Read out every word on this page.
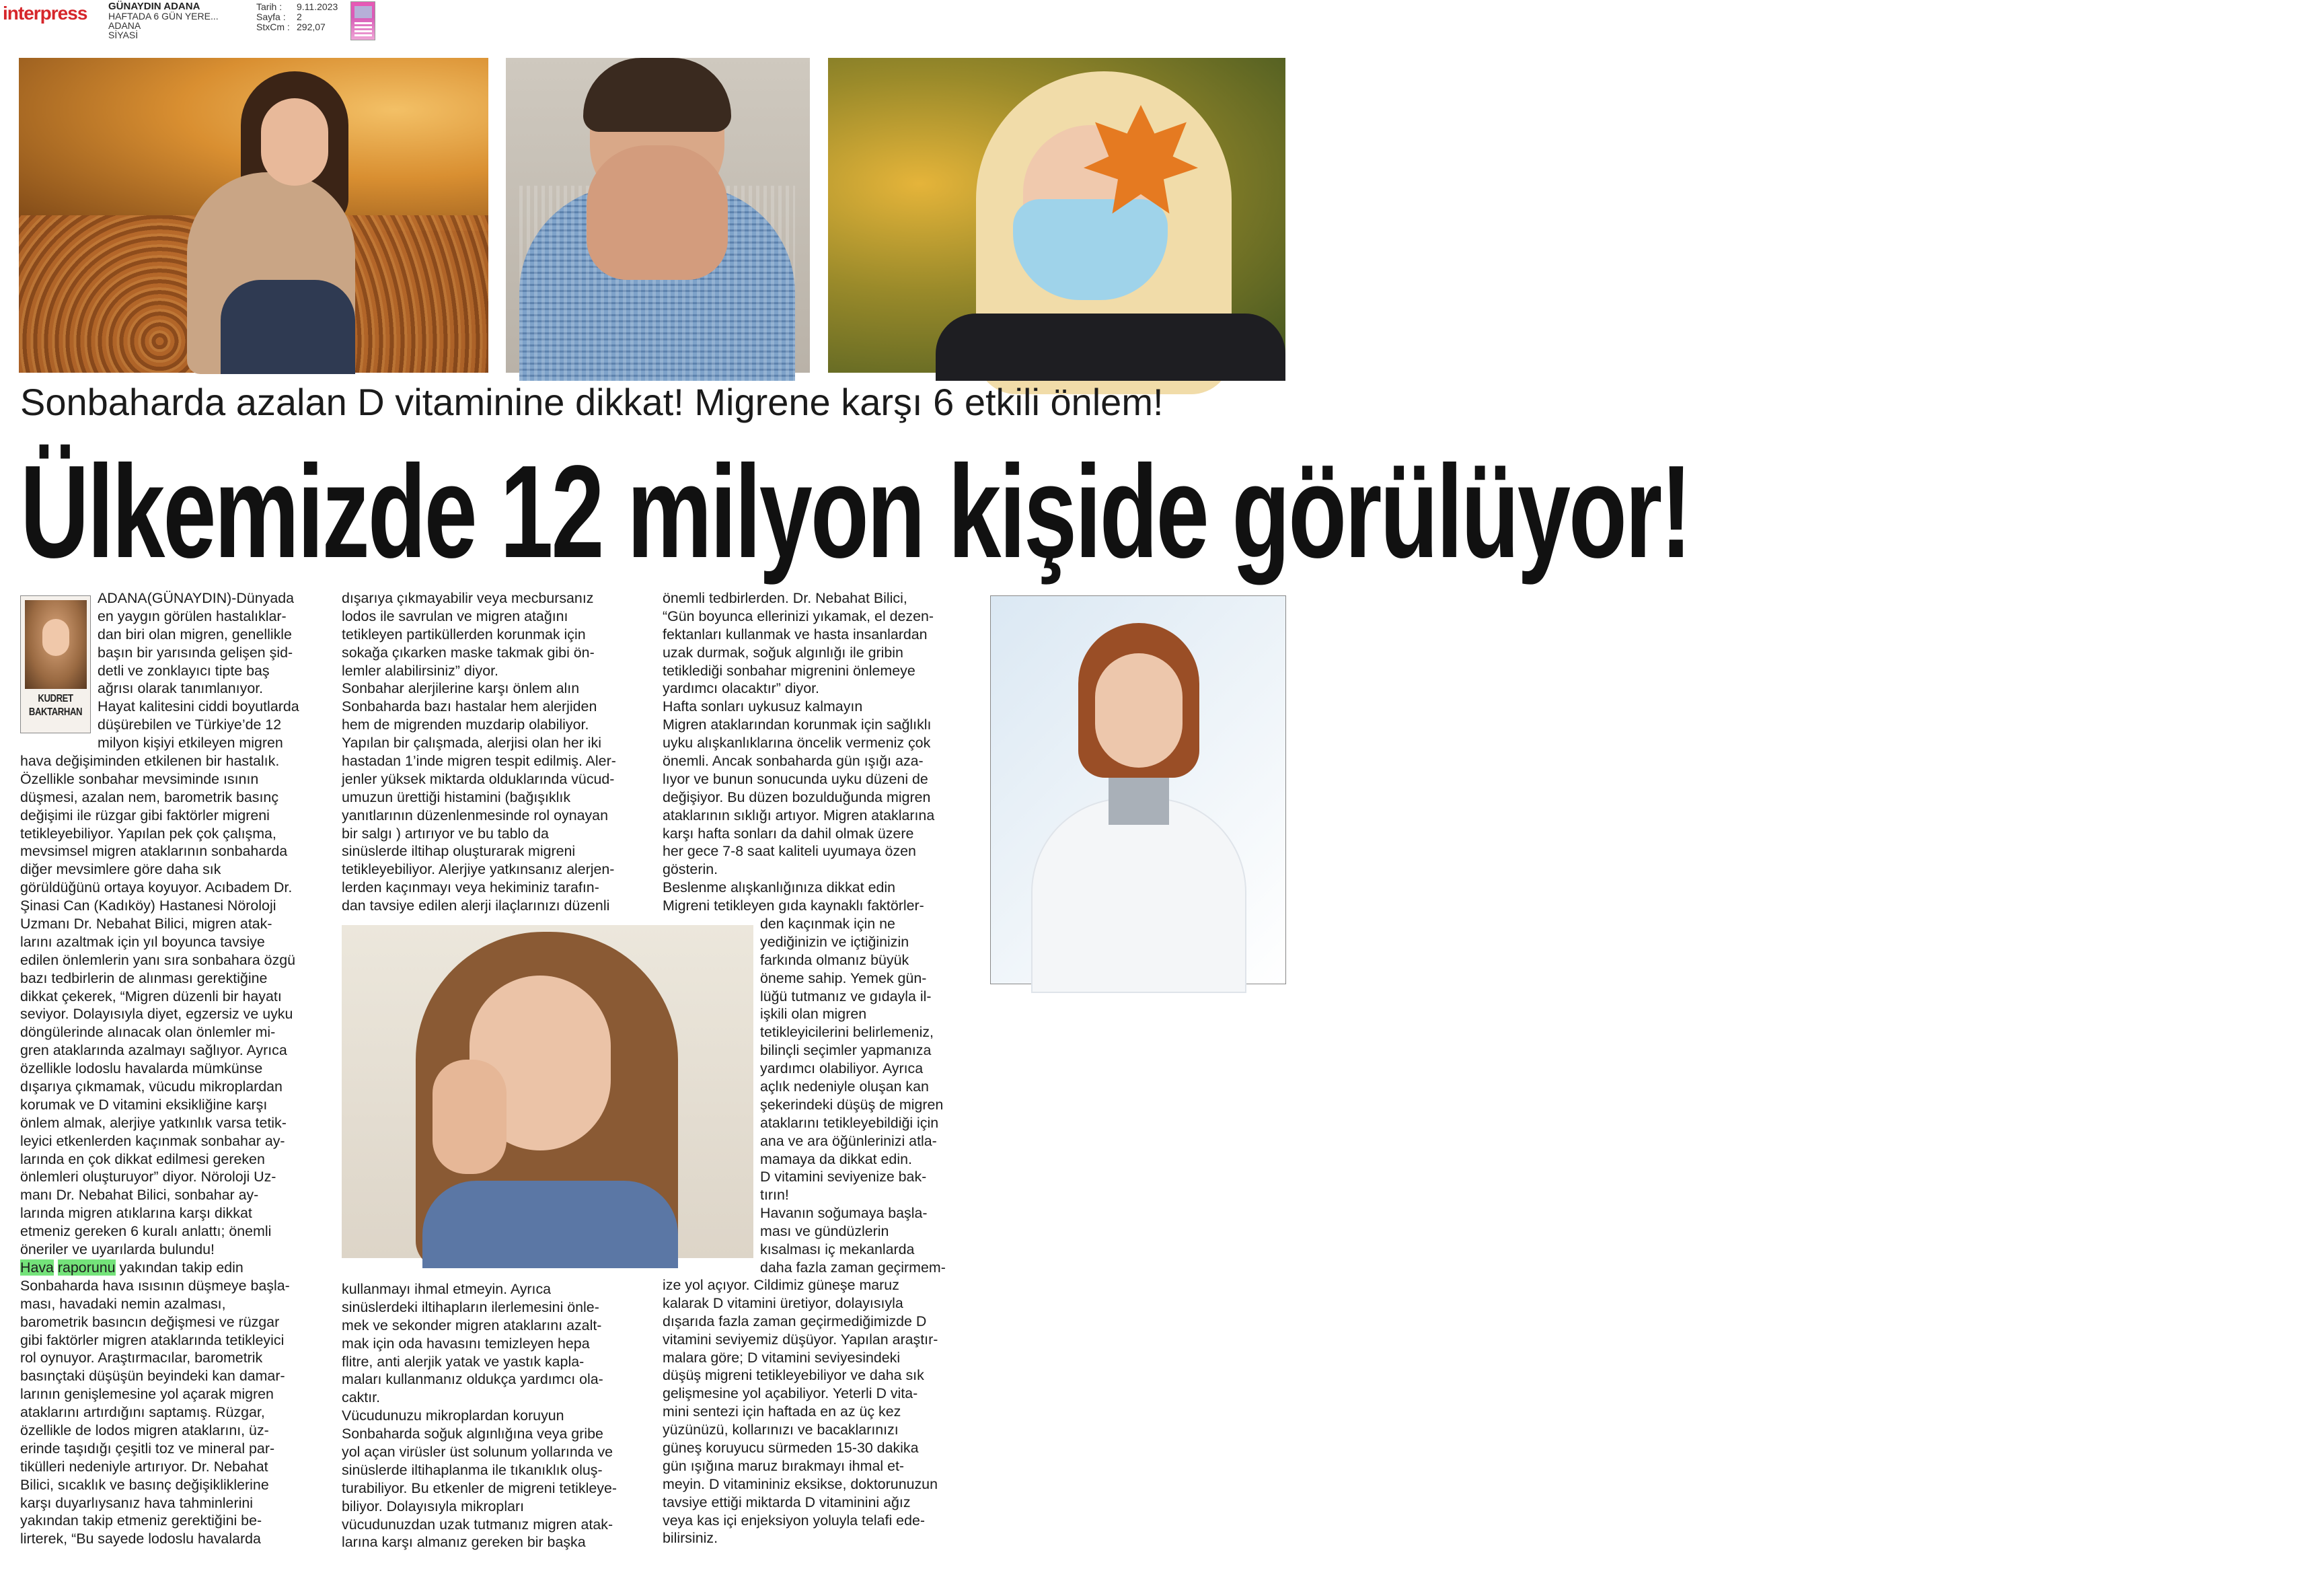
interpress GÜNAYDIN ADANA
HAFTADA 6 GÜN YERE...
ADANA
SİYASİ
Tarih :	9.11.2023
Sayfa :	2
StxCm : 292,07
Sonbaharda azalan D vitaminine dikkat! Migrene karşı 6 etkili önlem!
Ülkemizde 12 milyon kişide görülüyor!
KUDRET
BAKTARHAN

ADANA(GÜNAYDIN)-Dünyada

en yaygın görülen hastalıklar-

dan biri olan migren, genellikle

başın bir yarısında gelişen şid-

detli ve zonklayıcı tipte baş

ağrısı olarak tanımlanıyor.

Hayat kalitesini ciddi boyutlarda

düşürebilen ve Türkiye’de 12

milyon kişiyi etkileyen migren

hava değişiminden etkilenen bir hastalık.

Özellikle sonbahar mevsiminde ısının

düşmesi, azalan nem, barometrik basınç

değişimi ile rüzgar gibi faktörler migreni

tetikleyebiliyor. Yapılan pek çok çalışma,

mevsimsel migren ataklarının sonbaharda

diğer mevsimlere göre daha sık

görüldüğünü ortaya koyuyor. Acıbadem Dr.

Şinasi Can (Kadıköy) Hastanesi Nöroloji

Uzmanı Dr. Nebahat Bilici, migren atak-

larını azaltmak için yıl boyunca tavsiye

edilen önlemlerin yanı sıra sonbahara özgü

bazı tedbirlerin de alınması gerektiğine

dikkat çekerek, “Migren düzenli bir hayatı

seviyor. Dolayısıyla diyet, egzersiz ve uyku

döngülerinde alınacak olan önlemler mi-

gren ataklarında azalmayı sağlıyor. Ayrıca

özellikle lodoslu havalarda mümkünse

dışarıya çıkmamak, vücudu mikroplardan

korumak ve D vitamini eksikliğine karşı

önlem almak, alerjiye yatkınlık varsa tetik-

leyici etkenlerden kaçınmak sonbahar ay-

larında en çok dikkat edilmesi gereken

önlemleri oluşturuyor” diyor. Nöroloji Uz-

manı Dr. Nebahat Bilici, sonbahar ay-

larında migren atıklarına karşı dikkat

etmeniz gereken 6 kuralı anlattı; önemli

öneriler ve uyarılarda bulundu!

Hava raporunu yakından takip edin

Sonbaharda hava ısısının düşmeye başla-

ması, havadaki nemin azalması,

barometrik basıncın değişmesi ve rüzgar

gibi faktörler migren ataklarında tetikleyici

rol oynuyor. Araştırmacılar, barometrik

basınçtaki düşüşün beyindeki kan damar-

larının genişlemesine yol açarak migren

ataklarını artırdığını saptamış. Rüzgar,

özellikle de lodos migren ataklarını, üz-

erinde taşıdığı çeşitli toz ve mineral par-

tikülleri nedeniyle artırıyor. Dr. Nebahat

Bilici, sıcaklık ve basınç değişikliklerine

karşı duyarlıysanız hava tahminlerini

yakından takip etmeniz gerektiğini be-

lirterek, “Bu sayede lodoslu havalarda

dışarıya çıkmayabilir veya mecbursanız

lodos ile savrulan ve migren atağını

tetikleyen partiküllerden korunmak için

sokağa çıkarken maske takmak gibi ön-

lemler alabilirsiniz” diyor.

Sonbahar alerjilerine karşı önlem alın

Sonbaharda bazı hastalar hem alerjiden

hem de migrenden muzdarip olabiliyor.

Yapılan bir çalışmada, alerjisi olan her iki

hastadan 1’inde migren tespit edilmiş. Aler-

jenler yüksek miktarda olduklarında vücud-

umuzun ürettiği histamini (bağışıklık

yanıtlarının düzenlenmesinde rol oynayan

bir salgı ) artırıyor ve bu tablo da

sinüslerde iltihap oluşturarak migreni

tetikleyebiliyor. Alerjiye yatkınsanız alerjen-

lerden kaçınmayı veya hekiminiz tarafın-

dan tavsiye edilen alerji ilaçlarınızı düzenli

kullanmayı ihmal etmeyin. Ayrıca

sinüslerdeki iltihapların ilerlemesini önle-

mek ve sekonder migren ataklarını azalt-

mak için oda havasını temizleyen hepa

flitre, anti alerjik yatak ve yastık kapla-

maları kullanmanız oldukça yardımcı ola-

caktır.

Vücudunuzu mikroplardan koruyun

Sonbaharda soğuk algınlığına veya gribe

yol açan virüsler üst solunum yollarında ve

sinüslerde iltihaplanma ile tıkanıklık oluş-

turabiliyor. Bu etkenler de migreni tetikleye-

biliyor. Dolayısıyla mikropları

vücudunuzdan uzak tutmanız migren atak-

larına karşı almanız gereken bir başka

önemli tedbirlerden. Dr. Nebahat Bilici,

“Gün boyunca ellerinizi yıkamak, el dezen-

fektanları kullanmak ve hasta insanlardan

uzak durmak, soğuk algınlığı ile gribin

tetiklediği sonbahar migrenini önlemeye

yardımcı olacaktır” diyor.

Hafta sonları uykusuz kalmayın

Migren ataklarından korunmak için sağlıklı

uyku alışkanlıklarına öncelik vermeniz çok

önemli. Ancak sonbaharda gün ışığı aza-

lıyor ve bunun sonucunda uyku düzeni de

değişiyor. Bu düzen bozulduğunda migren

ataklarının sıklığı artıyor. Migren ataklarına

karşı hafta sonları da dahil olmak üzere

her gece 7-8 saat kaliteli uyumaya özen

gösterin.

Beslenme alışkanlığınıza dikkat edin

Migreni tetikleyen gıda kaynaklı faktörler-

den kaçınmak için ne

yediğinizin ve içtiğinizin

farkında olmanız büyük

öneme sahip. Yemek gün-

lüğü tutmanız ve gıdayla il-

işkili olan migren

tetikleyicilerini belirlemeniz,

bilinçli seçimler yapmanıza

yardımcı olabiliyor. Ayrıca

açlık nedeniyle oluşan kan

şekerindeki düşüş de migren

ataklarını tetikleyebildiği için

ana ve ara öğünlerinizi atla-

mamaya da dikkat edin.

D vitamini seviyenize bak-

tırın!

Havanın soğumaya başla-

ması ve gündüzlerin

kısalması iç mekanlarda

daha fazla zaman geçirmem-

ize yol açıyor. Cildimiz güneşe maruz

kalarak D vitamini üretiyor, dolayısıyla

dışarıda fazla zaman geçirmediğimizde D

vitamini seviyemiz düşüyor. Yapılan araştır-

malara göre; D vitamini seviyesindeki

düşüş migreni tetikleyebiliyor ve daha sık

gelişmesine yol açabiliyor. Yeterli D vita-

mini sentezi için haftada en az üç kez

yüzünüzü, kollarınızı ve bacaklarınızı

güneş koruyucu sürmeden 15-30 dakika

gün ışığına maruz bırakmayı ihmal et-

meyin. D vitamininiz eksikse, doktorunuzun

tavsiye ettiği miktarda D vitaminini ağız

veya kas içi enjeksiyon yoluyla telafi ede-

bilirsiniz.
